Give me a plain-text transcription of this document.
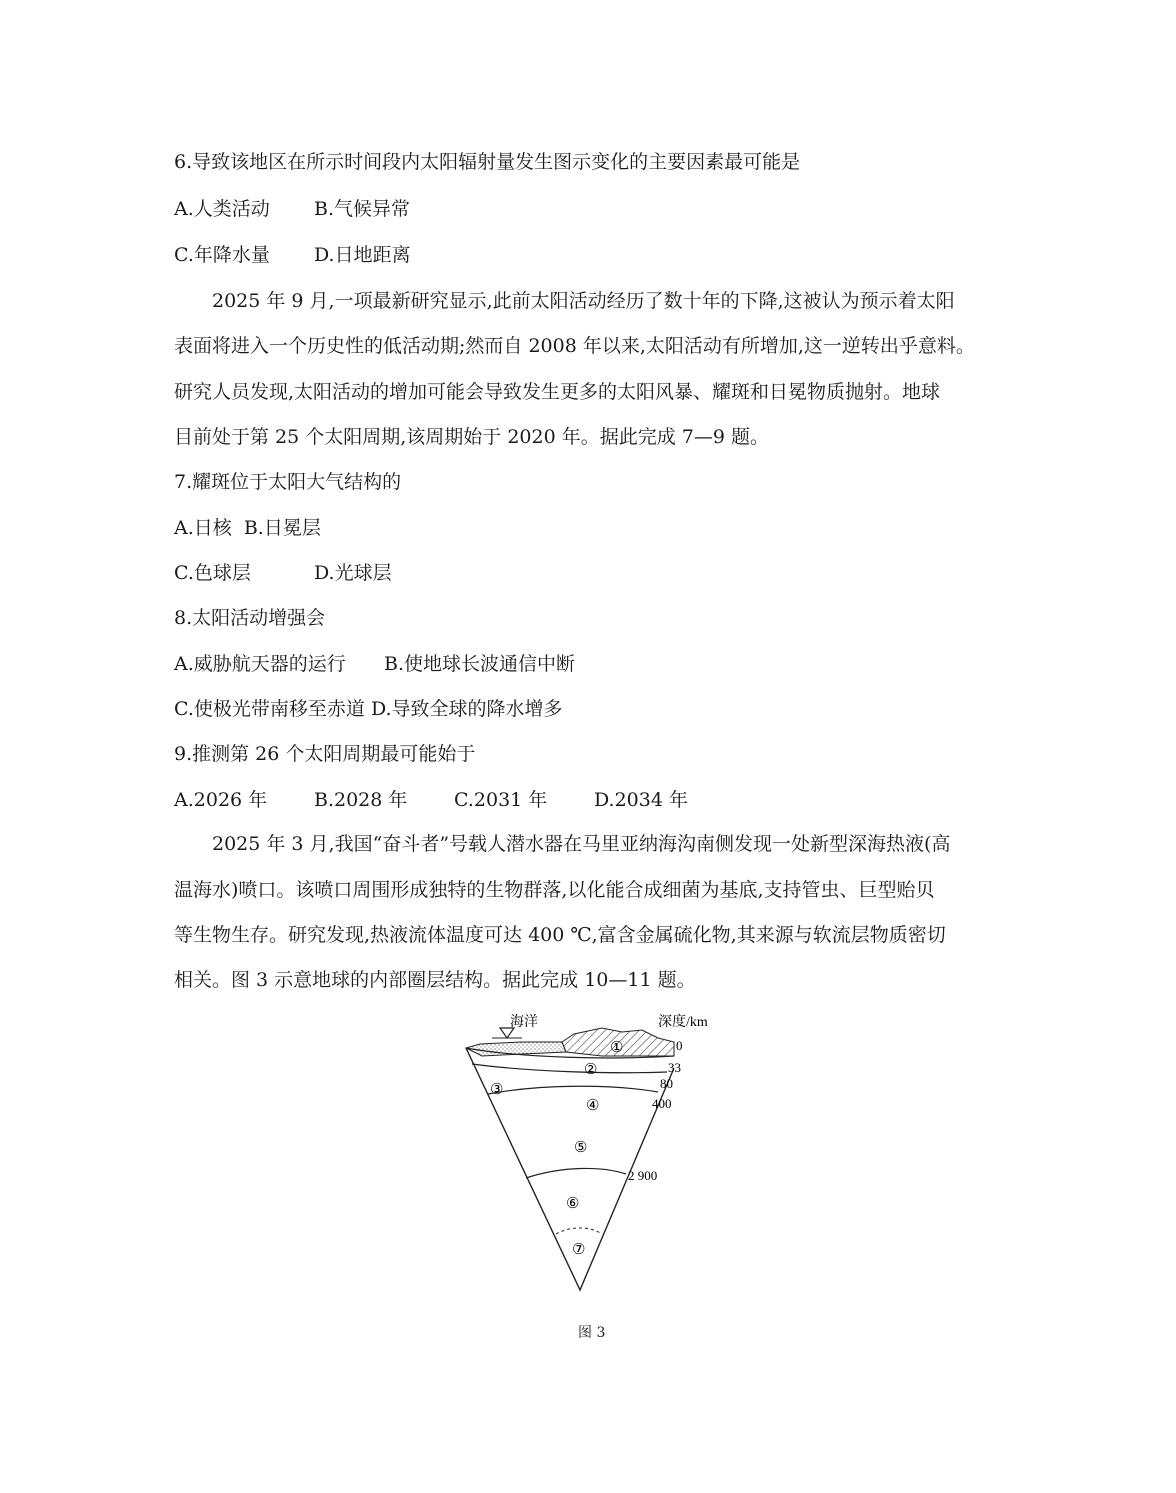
6.导致该地区在所示时间段内太阳辐射量发生图示变化的主要因素最可能是
A.人类活动 B.气候异常
C.年降水量 D.日地距离
2025 年 9 月,一项最新研究显示,此前太阳活动经历了数十年的下降,这被认为预示着太阳
表面将进入一个历史性的低活动期;然而自 2008 年以来,太阳活动有所增加,这一逆转出乎意料。
研究人员发现,太阳活动的增加可能会导致发生更多的太阳风暴、耀斑和日冕物质抛射。地球
目前处于第 25 个太阳周期,该周期始于 2020 年。据此完成 7—9 题。
7.耀斑位于太阳大气结构的
A.日核  B.日冕层
C.色球层	D.光球层
8.太阳活动增强会
A.威胁航天器的运行 B.使地球长波通信中断
C.使极光带南移至赤道 D.导致全球的降水增多
9.推测第 26 个太阳周期最可能始于
A.2026 年 B.2028 年 C.2031 年 D.2034 年
2025 年 3 月,我国“奋斗者”号载人潜水器在马里亚纳海沟南侧发现一处新型深海热液(高
温海水)喷口。该喷口周围形成独特的生物群落,以化能合成细菌为基底,支持管虫、巨型贻贝
等生物生存。研究发现,热液流体温度可达 400 ℃,富含金属硫化物,其来源与软流层物质密切
相关。图 3 示意地球的内部圈层结构。据此完成 10—11 题。
海洋	深度/km
0
33
80
400
2 900
①
②
③
④
⑤
⑥
⑦
图 3
